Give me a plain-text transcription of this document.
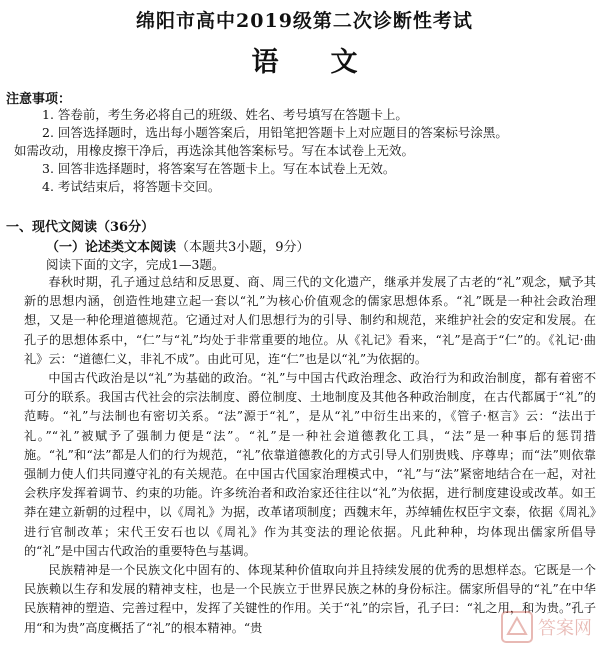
绵阳市高中2019级第二次诊断性考试
语文
注意事项：
1. 答卷前，考生务必将自己的班级、姓名、考号填写在答题卡上。
2. 回答选择题时，选出每小题答案后，用铅笔把答题卡上对应题目的答案标号涂黑。
如需改动，用橡皮擦干净后，再选涂其他答案标号。写在本试卷上无效。
3. 回答非选择题时，将答案写在答题卡上。写在本试卷上无效。
4. 考试结束后，将答题卡交回。
一、现代文阅读（36分）
（一）论述类文本阅读（本题共3小题，9分）
阅读下面的文字，完成1—3题。

春秋时期，孔子通过总结和反思夏、商、周三代的文化遗产，继承并发展了古老的“礼”观念，赋予其新的思想内涵，创造性地建立起一套以“礼”为核心价值观念的儒家思想体系。“礼”既是一种社会政治理想，又是一种伦理道德规范。它通过对人们思想行为的引导、制约和规范，来维护社会的安定和发展。在孔子的思想体系中，“仁”与“礼”均处于非常重要的地位。从《礼记》看来，“礼”是高于“仁”的。《礼记·曲礼》云：“道德仁义，非礼不成”。由此可见，连“仁”也是以“礼”为依据的。

中国古代政治是以“礼”为基础的政治。“礼”与中国古代政治理念、政治行为和政治制度，都有着密不可分的联系。我国古代社会的宗法制度、爵位制度、土地制度及其他各种政治制度，在古代都属于“礼”的范畴。“礼”与法制也有密切关系。“法”源于“礼”，是从“礼”中衍生出来的，《管子·枢言》云：“法出于礼。”“礼”被赋予了强制力便是“法”。“礼”是一种社会道德教化工具，“法”是一种事后的惩罚措施。“礼”和“法”都是人们的行为规范，“礼”依靠道德教化的方式引导人们别贵贱、序尊卑；而“法”则依靠强制力使人们共同遵守礼的有关规范。在中国古代国家治理模式中，“礼”与“法”紧密地结合在一起，对社会秩序发挥着调节、约束的功能。许多统治者和政治家还往往以“礼”为依据，进行制度建设或改革。如王莽在建立新朝的过程中，以《周礼》为据，改革诸项制度；西魏末年，苏绰辅佐权臣宇文泰，依据《周礼》进行官制改革；宋代王安石也以《周礼》作为其变法的理论依据。凡此种种，均体现出儒家所倡导的“礼”是中国古代政治的重要特色与基调。

民族精神是一个民族文化中固有的、体现某种价值取向并且持续发展的优秀的思想样态。它既是一个民族赖以生存和发展的精神支柱，也是一个民族立于世界民族之林的身份标注。儒家所倡导的“礼”在中华民族精神的塑造、完善过程中，发挥了关键性的作用。关于“礼”的宗旨，孔子曰：“礼之用，和为贵。”孔子用“和为贵”高度概括了“礼”的根本精神。“贵	答案网
